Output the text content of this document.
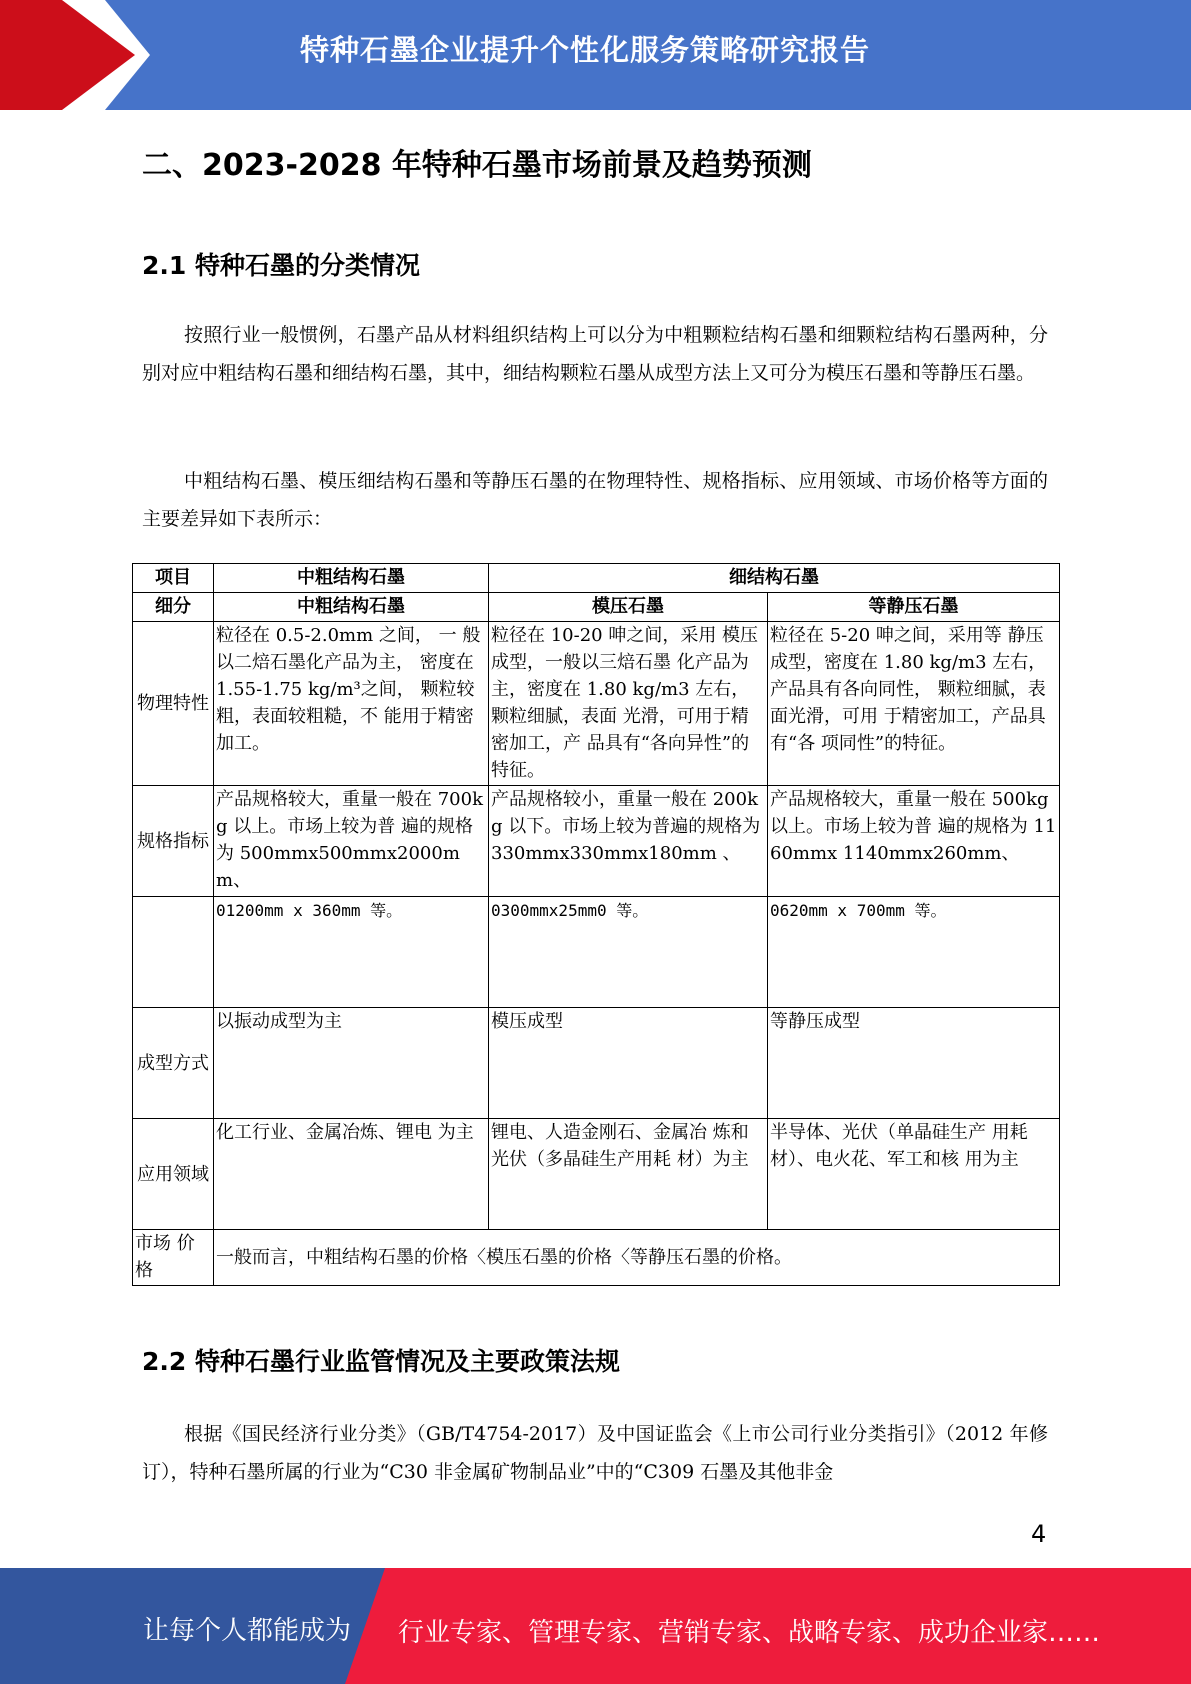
特种石墨企业提升个性化服务策略研究报告
二、2023-2028 年特种石墨市场前景及趋势预测
2.1 特种石墨的分类情况

按照行业一般惯例，石墨产品从材料组织结构上可以分为中粗颗粒结构石墨和细颗粒结构石墨两种，分别对应中粗结构石墨和细结构石墨，其中，细结构颗粒石墨从成型方法上又可分为模压石墨和等静压石墨。

中粗结构石墨、模压细结构石墨和等静压石墨的在物理特性、规格指标、应用领域、市场价格等方面的主要差异如下表所示：

项目	中粗结构石墨	细结构石墨	
细分	中粗结构石墨	模压石墨	等静压石墨
物理特性	粒径在 0.5-2.0mm 之间， 一 般以二焙石墨化产品为主， 密度在 1.55-1.75 kg/m³之间， 颗粒较粗，表面较粗糙，不 能用于精密加工。	粒径在 10-20 呻之间，采用 模压成型，一般以三焙石墨 化产品为主，密度在 1.80 kg/m3 左右，颗粒细腻，表面 光滑，可用于精密加工，产 品具有“各向异性”的特征。	粒径在 5-20 呻之间，采用等 静压成型，密度在 1.80 kg/m3 左右，产品具有各向同性， 颗粒细腻，表面光滑，可用 于精密加工，产品具有“各 项同性”的特征。
规格指标	产品规格较大，重量一般在 700kg 以上。市场上较为普 遍的规格为 500mmx500mmx2000mm、	产品规格较小，重量一般在 200kg 以下。市场上较为普遍的规格为 330mmx330mmx180mm 、	产品规格较大，重量一般在 500kg 以上。市场上较为普 遍的规格为 1160mmx 1140mmx260mm、
	01200mm x 360mm 等。	0300mmx25mm0 等。	0620mm x 700mm 等。
成型方式	以振动成型为主	模压成型	等静压成型
应用领域	化工行业、金属冶炼、锂电 为主	锂电、人造金刚石、金属冶 炼和光伏（多晶硅生产用耗 材）为主	半导体、光伏（单晶硅生产 用耗材）、电火花、军工和核 用为主
市场 价格	一般而言，中粗结构石墨的价格〈模压石墨的价格〈等静压石墨的价格。		
2.2 特种石墨行业监管情况及主要政策法规

根据《国民经济行业分类》（GB/T4754-2017）及中国证监会《上市公司行业分类指引》（2012 年修订），特种石墨所属的行业为“C30 非金属矿物制品业”中的“C309 石墨及其他非金

4
让每个人都能成为 行业专家、管理专家、营销专家、战略专家、成功企业家……
